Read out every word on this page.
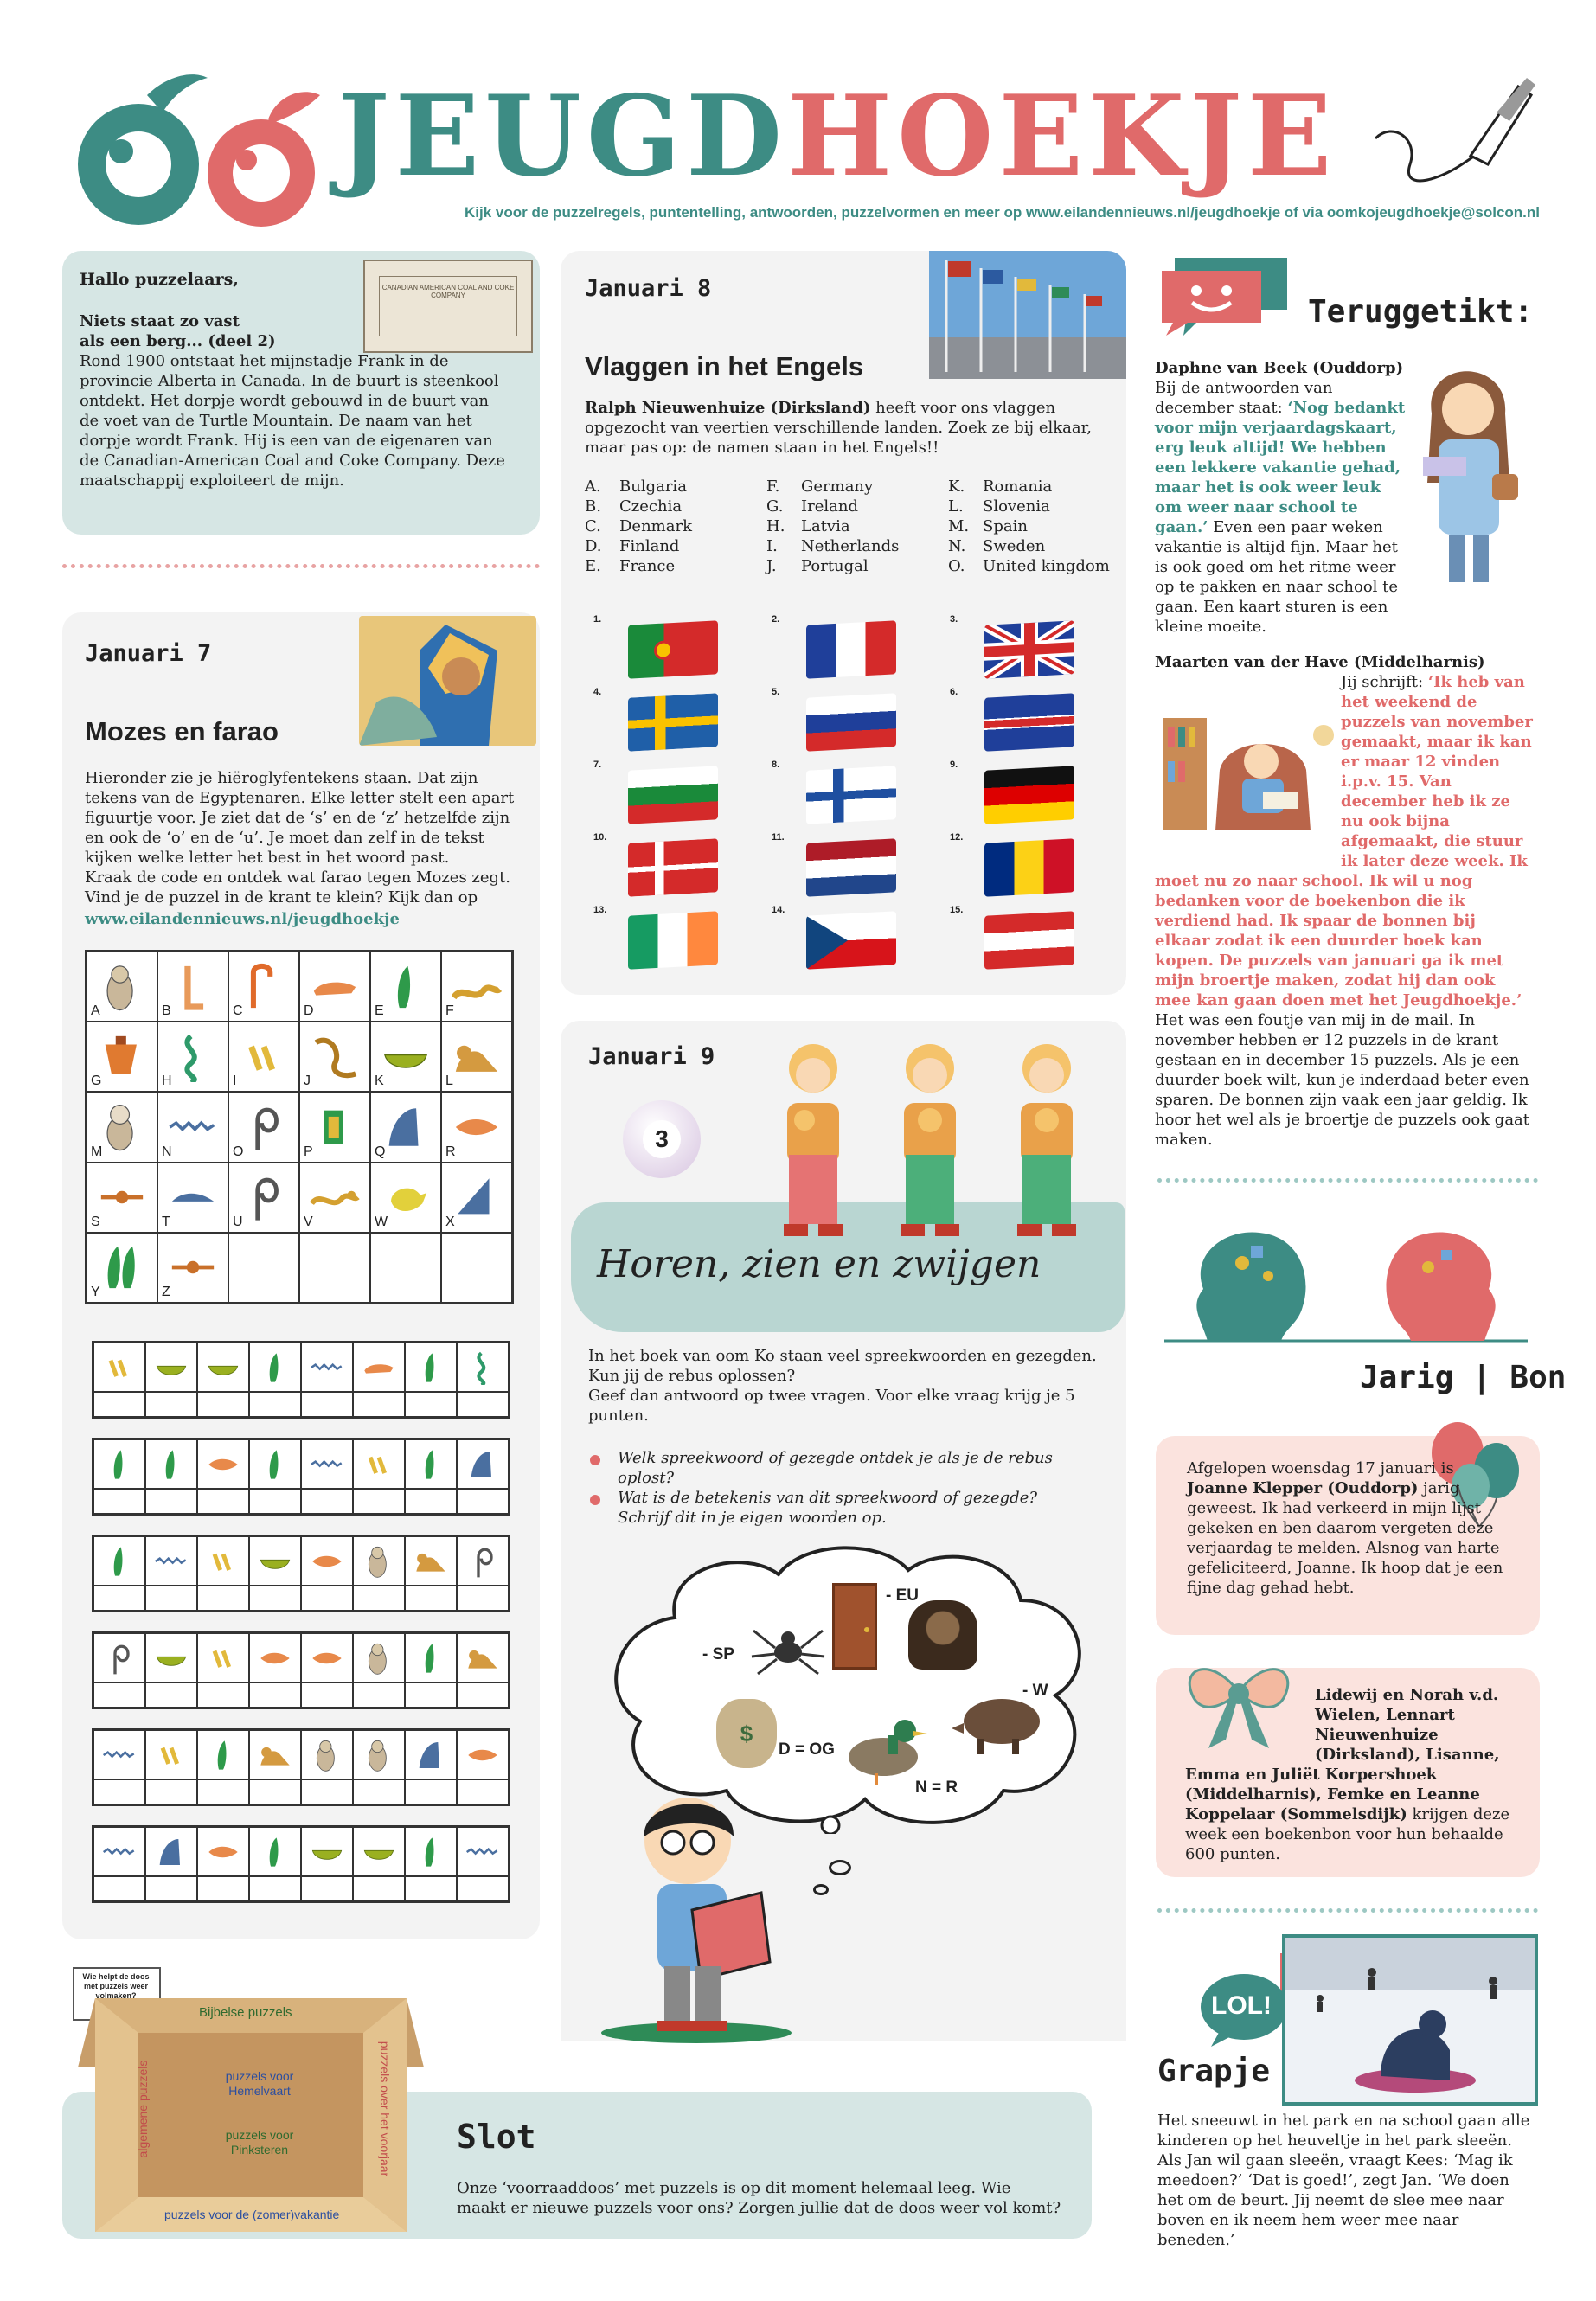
JEUGDHOEKJE
Kijk voor de puzzelregels, puntentelling, antwoorden, puzzelvormen en meer op www.eilandennieuws.nl/jeugdhoekje of via oomkojeugdhoekje@solcon.nl
Hallo puzzelaars,
Niets staat zo vast
als een berg... (deel 2)
CANADIAN AMERICAN COAL AND COKE COMPANY

Rond 1900 ontstaat het mijnstadje Frank in de provincie Alberta in Canada. In de buurt is steenkool ontdekt. Het dorpje wordt gebouwd in de buurt van de voet van de Turtle Mountain. De naam van het dorpje wordt Frank. Hij is een van de eigenaren van de Canadian-American Coal and Coke Company. Deze maatschappij exploiteert de mijn.

Januari 7
Mozes en farao

Hieronder zie je hiëroglyfentekens staan. Dat zijn tekens van de Egyptenaren. Elke letter stelt een apart figuurtje voor. Je ziet dat de ‘s’ en de ‘z’ hetzelfde zijn en ook de ‘o’ en de ‘u’. Je moet dan zelf in de tekst kijken welke letter het best in het woord past.
Kraak de code en ontdek wat farao tegen Mozes zegt.
Vind je de puzzel in de krant te klein? Kijk dan op

www.eilandennieuws.nl/jeugdhoekje
A	B	C	D	E	F
G	H	I	J	K	L
M	N	O	P	Q	R
S	T	U	V	W	X
Y	Z
Wie helpt de doos met puzzels weer volmaken?
Bijbelse puzzels
puzzels voor Hemelvaart
puzzels voor Pinksteren
puzzels voor de (zomer)vakantie
algemene puzzels	puzzels over het voorjaar Slot

Onze ‘voorraaddoos’ met puzzels is op dit moment helemaal leeg. Wie maakt er nieuwe puzzels voor ons? Zorgen jullie dat de doos weer vol komt?

Januari 8
Vlaggen in het Engels

Ralph Nieuwenhuize (Dirksland) heeft voor ons vlaggen opgezocht van veertien verschillende landen. Zoek ze bij elkaar, maar pas op: de namen staan in het Engels!!

A. Bulgaria
B. Czechia
C. Denmark
D. Finland
E. France
F. Germany
G. Ireland
H. Latvia
I. Netherlands
J. Portugal
K. Romania
L. Slovenia
M. Spain
N. Sweden
O. United kingdom
1.	2.	3.
4.	5.	6.
7.	8.	9.
10.	11.	12.
13.	14.	15.
Januari 9
3
Horen, zien en zwijgen

In het boek van oom Ko staan veel spreekwoorden en gezegden. Kun jij de rebus oplossen?
Geef dan antwoord op twee vragen. Voor elke vraag krijg je 5 punten.

Welk spreekwoord of gezegde ontdek je als je de rebus oplost?

Wat is de betekenis van dit spreekwoord of gezegde? Schrijf dit in je eigen woorden op.

- EU
- SP
- W
$
D = OG
N = R
Teruggetikt:
Daphne van Beek (Ouddorp)
Bij de antwoorden van december staat: ‘Nog bedankt voor mijn verjaardagskaart, erg leuk altijd! We hebben een lekkere vakantie gehad, maar het is ook weer leuk om weer naar school te gaan.’ Even een paar weken vakantie is altijd fijn. Maar het is ook goed om het ritme weer op te pakken en naar school te gaan. Een kaart sturen is een kleine moeite.
Maarten van der Have (Middelharnis)
Jij schrijft: ‘Ik heb van het weekend de puzzels van november gemaakt, maar ik kan er maar 12 vinden i.p.v. 15. Van december heb ik ze nu ook bijna afgemaakt, die stuur ik later deze week. Ik moet nu zo naar school. Ik wil u nog bedanken voor de boekenbon die ik verdiend had. Ik spaar de bonnen bij elkaar zodat ik een duurder boek kan kopen. De puzzels van januari ga ik met mijn broertje maken, zodat hij dan ook mee kan gaan doen met het Jeugdhoekje.’ Het was een foutje van mij in de mail. In november hebben er 12 puzzels in de krant gestaan en in december 15 puzzels. Als je een duurder boek wilt, kun je inderdaad beter even sparen. De bonnen zijn vaak een jaar geldig. Ik hoor het wel als je broertje de puzzels ook gaat maken.
Jarig | Bon
Afgelopen woensdag 17 januari is Joanne Klepper (Ouddorp) jarig geweest. Ik had verkeerd in mijn lijst gekeken en ben daarom vergeten deze verjaardag te melden. Alsnog van harte gefeliciteerd, Joanne. Ik hoop dat je een fijne dag gehad hebt.
Lidewij en Norah v.d. Wielen, Lennart Nieuwenhuize (Dirksland), Lisanne, Emma en Juliët Korpershoek (Middelharnis), Femke en Leanne Koppelaar (Sommelsdijk) krijgen deze week een boekenbon voor hun behaalde 600 punten.
LOL!
Grapje

Het sneeuwt in het park en na school gaan alle kinderen op het heuveltje in het park sleeën. Als Jan wil gaan sleeën, vraagt Kees: ‘Mag ik meedoen?’ ‘Dat is goed!’, zegt Jan. ‘We doen het om de beurt. Jij neemt de slee mee naar boven en ik neem hem weer mee naar beneden.’
